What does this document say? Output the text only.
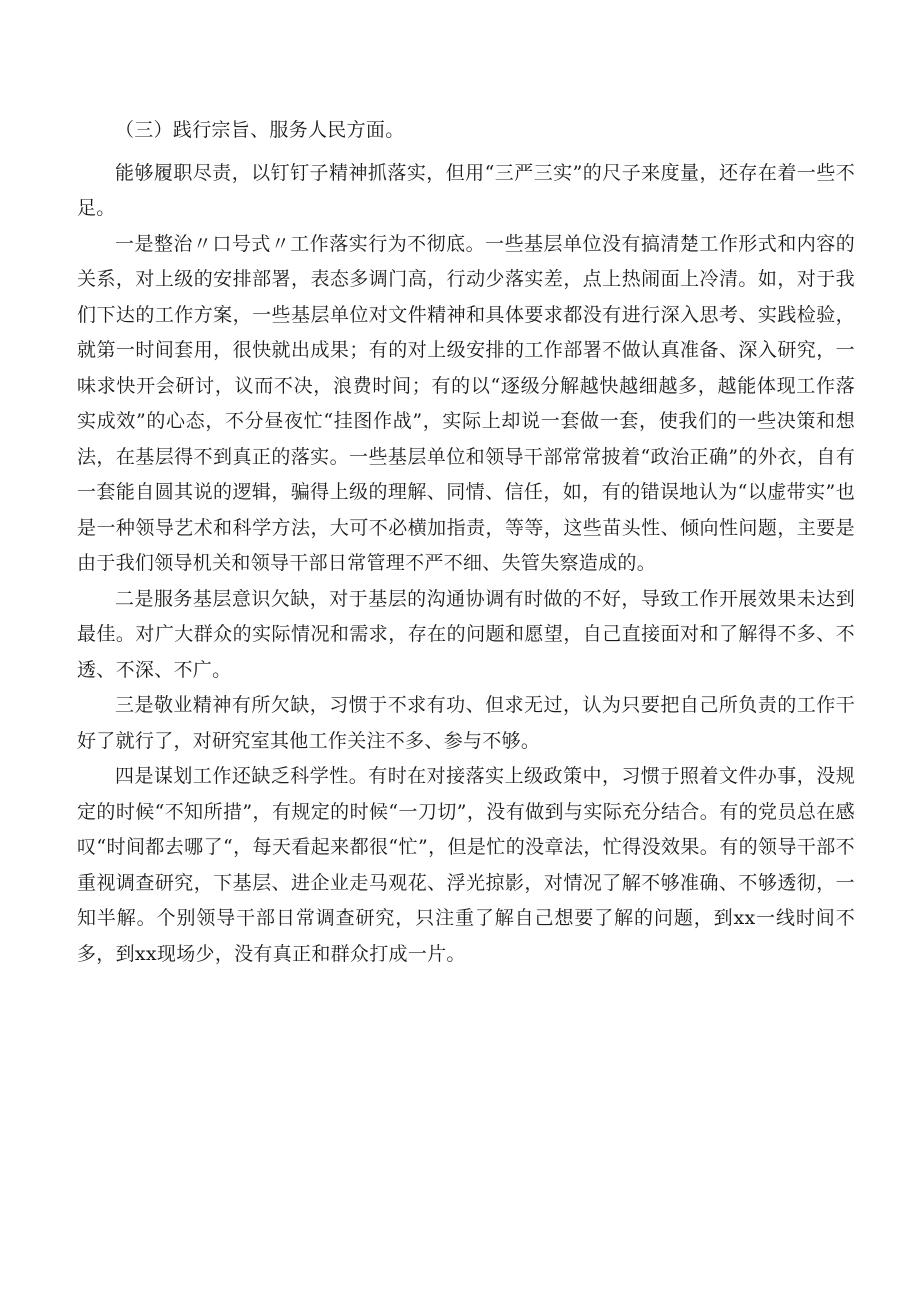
（三）践行宗旨、服务人民方面。

能够履职尽责，以钉钉子精神抓落实，但用“三严三实”的尺子来度量，还存在着一些不足。

一是整治〃口号式〃工作落实行为不彻底。一些基层单位没有搞清楚工作形式和内容的关系，对上级的安排部署，表态多调门高，行动少落实差，点上热闹面上冷清。如，对于我们下达的工作方案，一些基层单位对文件精神和具体要求都没有进行深入思考、实践检验，就第一时间套用，很快就出成果；有的对上级安排的工作部署不做认真准备、深入研究，一味求快开会研讨，议而不决，浪费时间；有的以“逐级分解越快越细越多，越能体现工作落实成效”的心态，不分昼夜忙“挂图作战”，实际上却说一套做一套，使我们的一些决策和想法，在基层得不到真正的落实。一些基层单位和领导干部常常披着“政治正确”的外衣，自有一套能自圆其说的逻辑，骗得上级的理解、同情、信任，如，有的错误地认为“以虚带实”也是一种领导艺术和科学方法，大可不必横加指责，等等，这些苗头性、倾向性问题，主要是由于我们领导机关和领导干部日常管理不严不细、失管失察造成的。

二是服务基层意识欠缺，对于基层的沟通协调有时做的不好，导致工作开展效果未达到最佳。对广大群众的实际情况和需求，存在的问题和愿望，自己直接面对和了解得不多、不透、不深、不广。

三是敬业精神有所欠缺，习惯于不求有功、但求无过，认为只要把自己所负责的工作干好了就行了，对研究室其他工作关注不多、参与不够。

四是谋划工作还缺乏科学性。有时在对接落实上级政策中，习惯于照着文件办事，没规定的时候“不知所措”，有规定的时候“一刀切”，没有做到与实际充分结合。有的党员总在感叹“时间都去哪了“，每天看起来都很“忙”，但是忙的没章法，忙得没效果。有的领导干部不重视调查研究，下基层、进企业走马观花、浮光掠影，对情况了解不够准确、不够透彻，一知半解。个别领导干部日常调查研究，只注重了解自己想要了解的问题，到xx一线时间不多，到xx现场少，没有真正和群众打成一片。
